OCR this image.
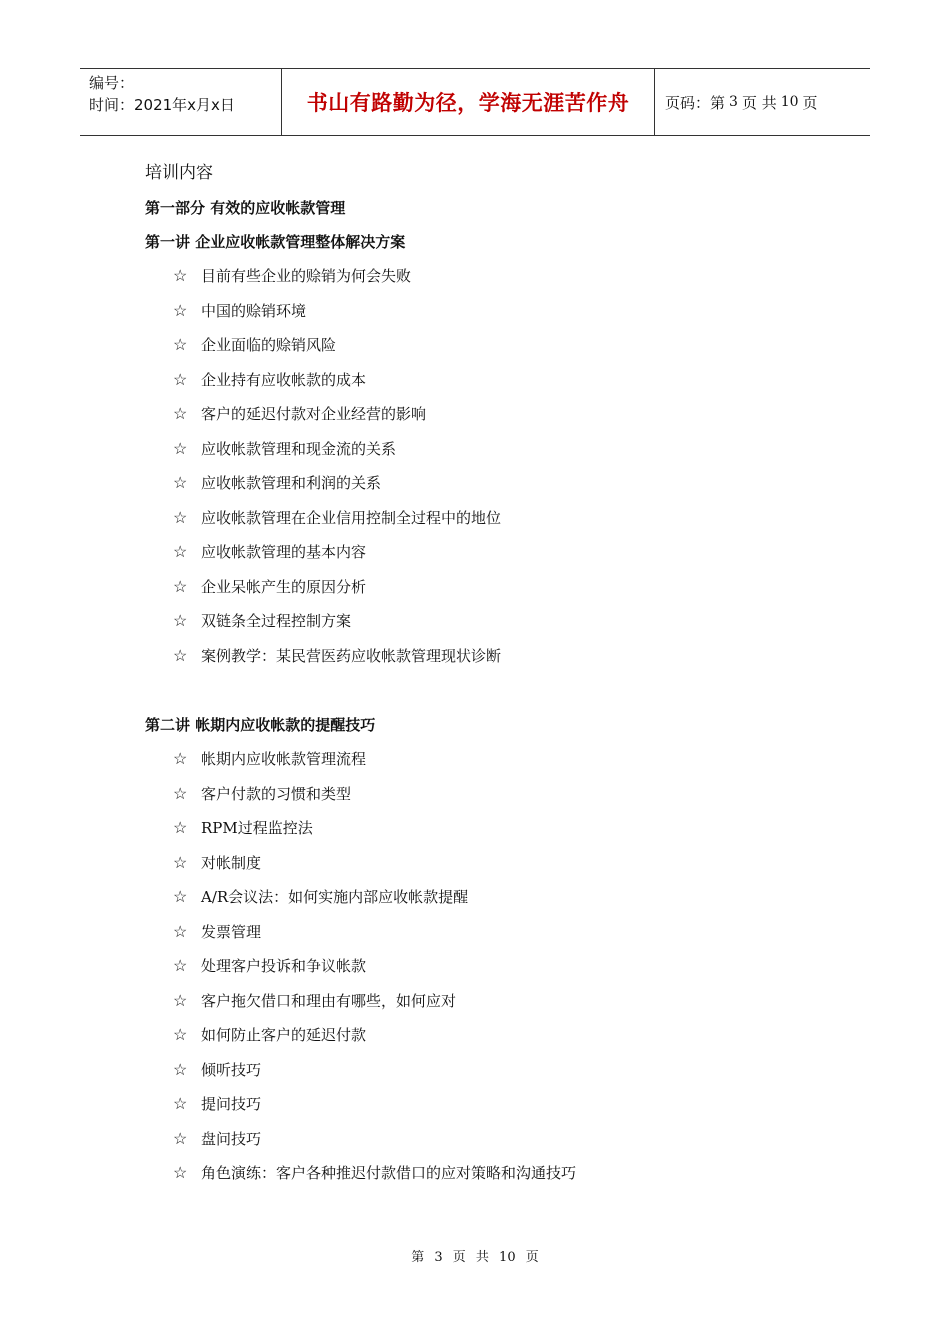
编号：
时间：2021年x月x日	书山有路勤为径，学海无涯苦作舟	页码：第 3 页 共 10 页
培训内容
第一部分 有效的应收帐款管理
第一讲 企业应收帐款管理整体解决方案
☆ 目前有些企业的赊销为何会失败
☆ 中国的赊销环境
☆ 企业面临的赊销风险
☆ 企业持有应收帐款的成本
☆ 客户的延迟付款对企业经营的影响
☆ 应收帐款管理和现金流的关系
☆ 应收帐款管理和利润的关系
☆ 应收帐款管理在企业信用控制全过程中的地位
☆ 应收帐款管理的基本内容
☆ 企业呆帐产生的原因分析
☆ 双链条全过程控制方案
☆ 案例教学：某民营医药应收帐款管理现状诊断
第二讲 帐期内应收帐款的提醒技巧
☆ 帐期内应收帐款管理流程
☆ 客户付款的习惯和类型
☆ RPM过程监控法
☆ 对帐制度
☆ A/R会议法：如何实施内部应收帐款提醒
☆ 发票管理
☆ 处理客户投诉和争议帐款
☆ 客户拖欠借口和理由有哪些，如何应对
☆ 如何防止客户的延迟付款
☆ 倾听技巧
☆ 提问技巧
☆ 盘问技巧
☆ 角色演练：客户各种推迟付款借口的应对策略和沟通技巧
第 3 页 共 10 页
